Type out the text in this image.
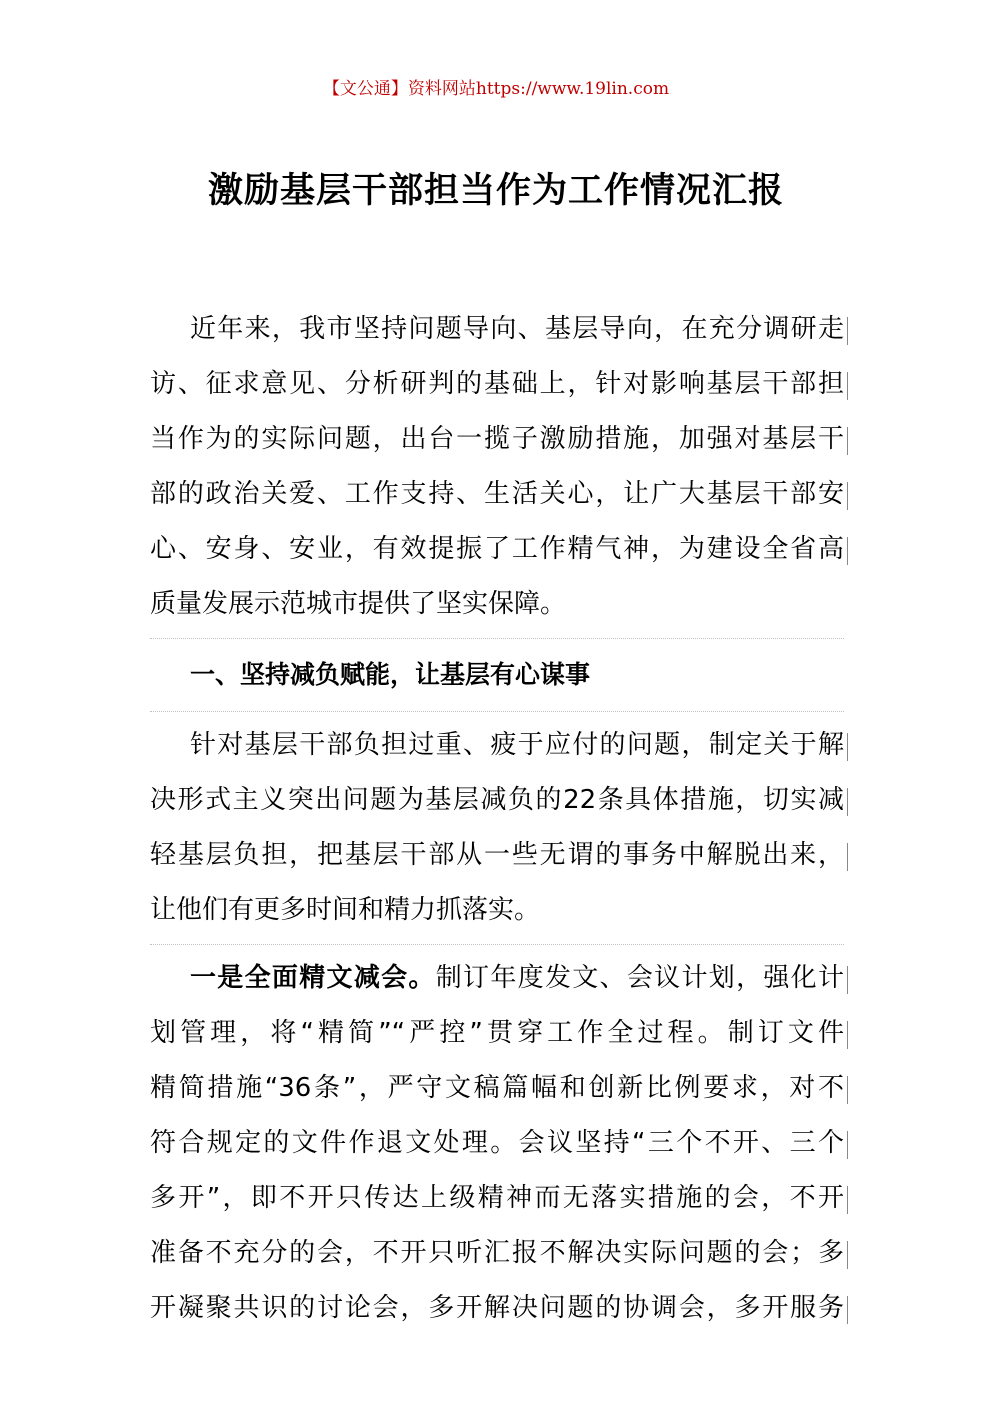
【文公通】资料网站https://www.19lin.com
激励基层干部担当作为工作情况汇报
近年来，我市坚持问题导向、基层导向，在充分调研走
访、征求意见、分析研判的基础上，针对影响基层干部担
当作为的实际问题，出台一揽子激励措施，加强对基层干
部的政治关爱、工作支持、生活关心，让广大基层干部安
心、安身、安业，有效提振了工作精气神，为建设全省高
质量发展示范城市提供了坚实保障。
一、坚持减负赋能，让基层有心谋事
针对基层干部负担过重、疲于应付的问题，制定关于解
决形式主义突出问题为基层减负的22条具体措施，切实减
轻基层负担，把基层干部从一些无谓的事务中解脱出来，
让他们有更多时间和精力抓落实。
一是全面精文减会。制订年度发文、会议计划，强化计
划管理，将“精简”“严控”贯穿工作全过程。制订文件
精简措施“36条”，严守文稿篇幅和创新比例要求，对不
符合规定的文件作退文处理。会议坚持“三个不开、三个
多开”，即不开只传达上级精神而无落实措施的会，不开
准备不充分的会，不开只听汇报不解决实际问题的会；多
开凝聚共识的讨论会，多开解决问题的协调会，多开服务
